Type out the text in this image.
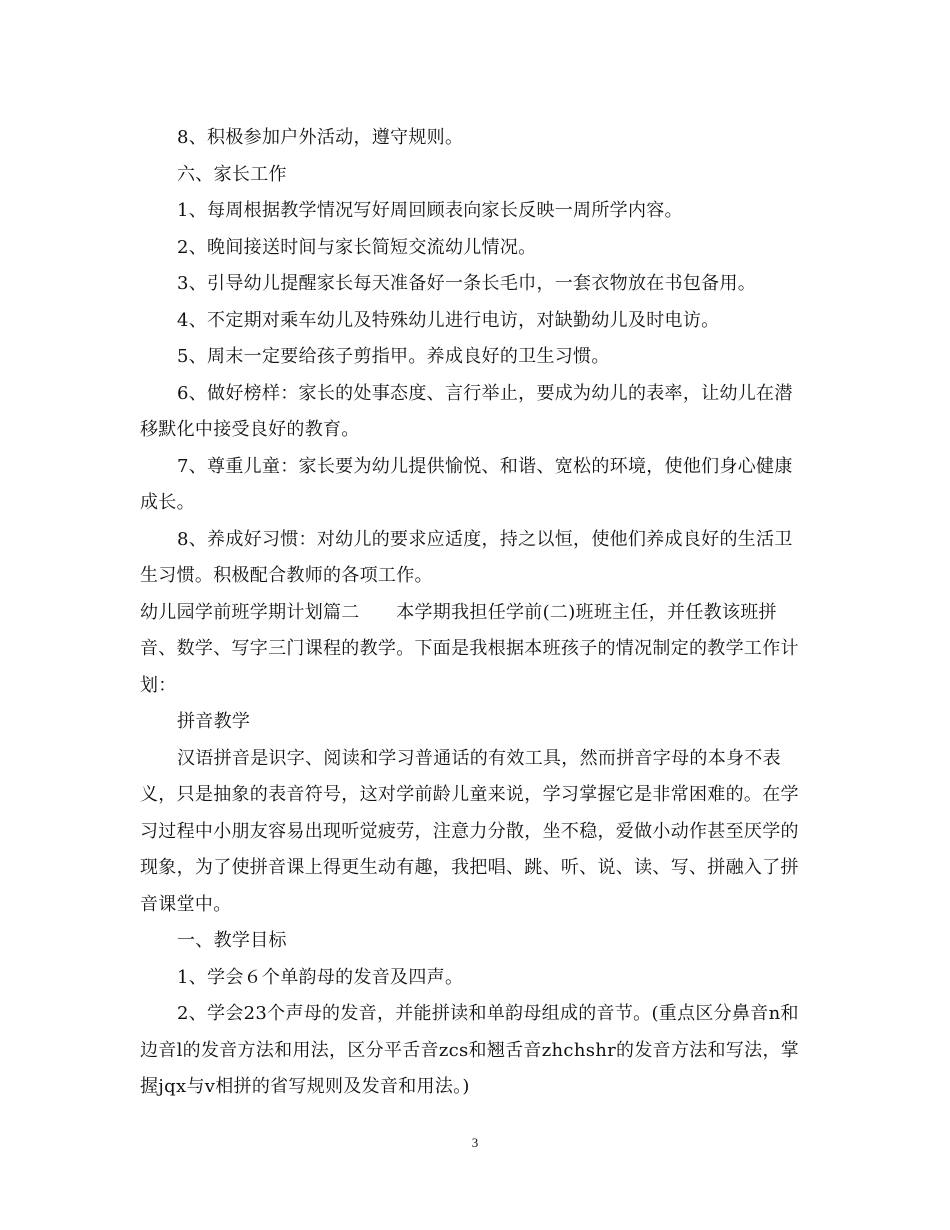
8、积极参加户外活动，遵守规则。

六、家长工作

1、每周根据教学情况写好周回顾表向家长反映一周所学内容。

2、晚间接送时间与家长简短交流幼儿情况。

3、引导幼儿提醒家长每天准备好一条长毛巾，一套衣物放在书包备用。

4、不定期对乘车幼儿及特殊幼儿进行电访，对缺勤幼儿及时电访。

5、周末一定要给孩子剪指甲。养成良好的卫生习惯。

6、做好榜样：家长的处事态度、言行举止，要成为幼儿的表率，让幼儿在潜移默化中接受良好的教育。

7、尊重儿童：家长要为幼儿提供愉悦、和谐、宽松的环境，使他们身心健康成长。

8、养成好习惯：对幼儿的要求应适度，持之以恒，使他们养成良好的生活卫生习惯。积极配合教师的各项工作。

幼儿园学前班学期计划篇二　　本学期我担任学前(二)班班主任，并任教该班拼音、数学、写字三门课程的教学。下面是我根据本班孩子的情况制定的教学工作计划：

拼音教学

汉语拼音是识字、阅读和学习普通话的有效工具，然而拼音字母的本身不表义，只是抽象的表音符号，这对学前龄儿童来说，学习掌握它是非常困难的。在学习过程中小朋友容易出现听觉疲劳，注意力分散，坐不稳，爱做小动作甚至厌学的现象，为了使拼音课上得更生动有趣，我把唱、跳、听、说、读、写、拼融入了拼音课堂中。

一、教学目标

1、学会６个单韵母的发音及四声。

2、学会23个声母的发音，并能拼读和单韵母组成的音节。(重点区分鼻音n和边音l的发音方法和用法，区分平舌音zcs和翘舌音zhchshr的发音方法和写法，掌握jqx与v相拼的省写规则及发音和用法。)

3
